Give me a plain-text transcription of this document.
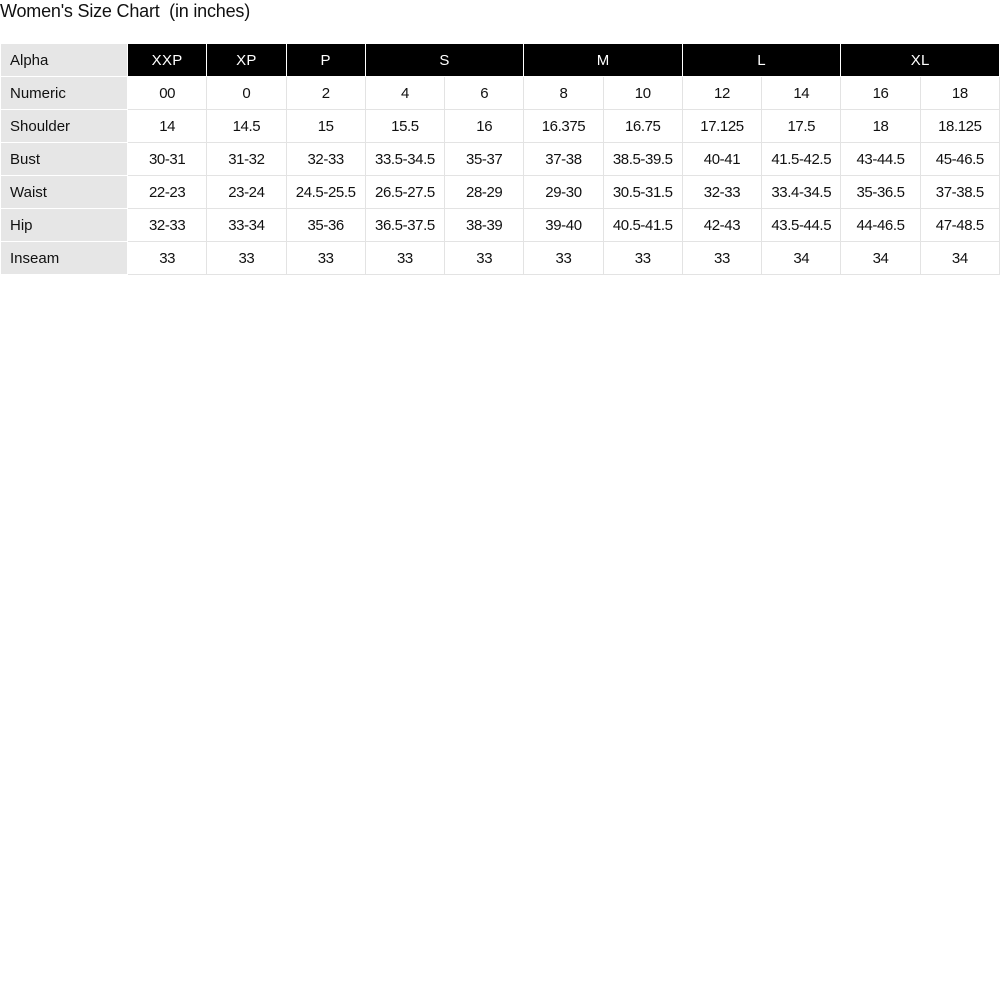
Women's Size Chart  (in inches)
Alpha	XXP	XP	P	S		M		L		XL	
Numeric	00	0	2	4	6	8	10	12	14	16	18
Shoulder	14	14.5	15	15.5	16	16.375	16.75	17.125	17.5	18	18.125
Bust	30-31	31-32	32-33	33.5-34.5	35-37	37-38	38.5-39.5	40-41	41.5-42.5	43-44.5	45-46.5
Waist	22-23	23-24	24.5-25.5	26.5-27.5	28-29	29-30	30.5-31.5	32-33	33.4-34.5	35-36.5	37-38.5
Hip	32-33	33-34	35-36	36.5-37.5	38-39	39-40	40.5-41.5	42-43	43.5-44.5	44-46.5	47-48.5
Inseam	33	33	33	33	33	33	33	33	34	34	34
